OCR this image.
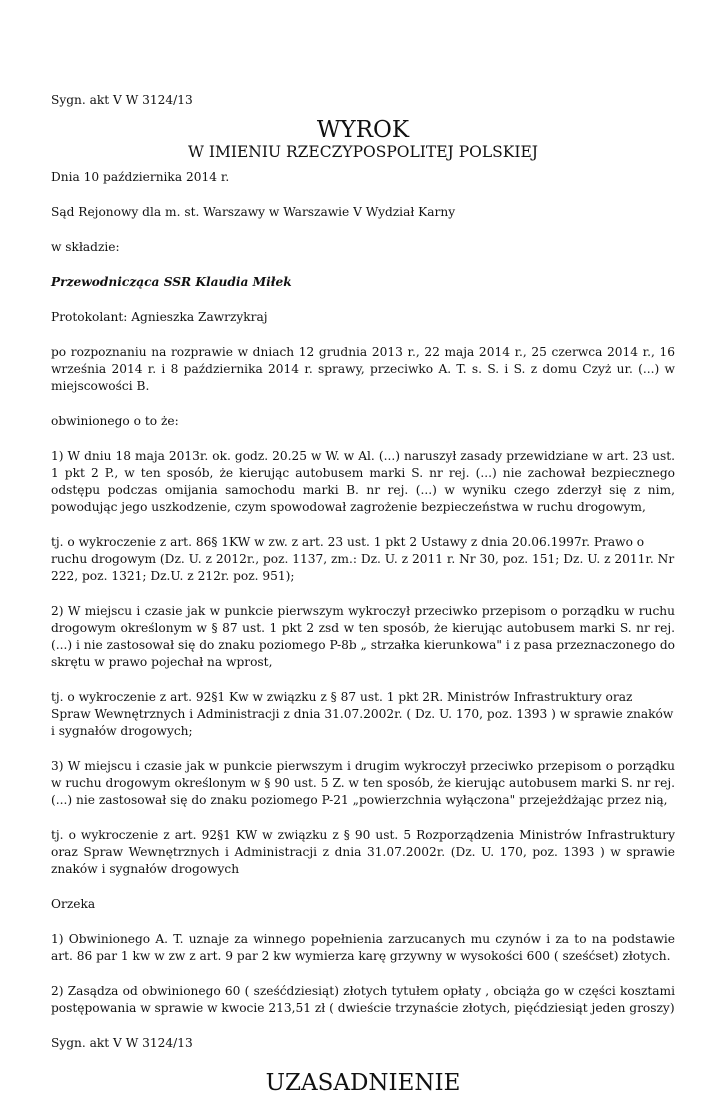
Sygn. akt V W 3124/13

WYROK
W IMIENIU RZECZYPOSPOLITEJ POLSKIEJ

Dnia 10 października 2014 r.

Sąd Rejonowy dla m. st. Warszawy w Warszawie V Wydział Karny

w składzie:

Przewodnicząca SSR Klaudia Miłek

Protokolant: Agnieszka Zawrzykraj

po rozpoznaniu na rozprawie w dniach 12 grudnia 2013 r., 22 maja 2014 r., 25 czerwca 2014 r., 16 września 2014 r. i 8 października 2014 r. sprawy, przeciwko A. T. s. S. i S. z domu Czyż ur. (...) w miejscowości B.

obwinionego o to że:

1) W dniu 18 maja 2013r. ok. godz. 20.25 w W. w Al. (...) naruszył zasady przewidziane w art. 23 ust. 1 pkt 2 P., w ten sposób, że kierując autobusem marki S. nr rej. (...) nie zachował bezpiecznego odstępu podczas omijania samochodu marki B. nr rej. (...) w wyniku czego zderzył się z nim, powodując jego uszkodzenie, czym spowodował zagrożenie bezpieczeństwa w ruchu drogowym,

tj. o wykroczenie z art. 86§ 1KW w zw. z art. 23 ust. 1 pkt 2 Ustawy z dnia 20.06.1997r. Prawo o ruchu drogowym (Dz. U. z 2012r., poz. 1137, zm.: Dz. U. z 2011 r. Nr 30, poz. 151; Dz. U. z 2011r. Nr 222, poz. 1321; Dz.U. z 212r. poz. 951);

2) W miejscu i czasie jak w punkcie pierwszym wykroczył przeciwko przepisom o porządku w ruchu drogowym określonym w § 87 ust. 1 pkt 2 zsd w ten sposób, że kierując autobusem marki S. nr rej. (...) i nie zastosował się do znaku poziomego P-8b „ strzałka kierunkowa" i z pasa przeznaczonego do skrętu w prawo pojechał na wprost,

tj. o wykroczenie z art. 92§1 Kw w związku z § 87 ust. 1 pkt 2R. Ministrów Infrastruktury oraz Spraw Wewnętrznych i Administracji z dnia 31.07.2002r. ( Dz. U. 170, poz. 1393 ) w sprawie znaków i sygnałów drogowych;

3) W miejscu i czasie jak w punkcie pierwszym i drugim wykroczył przeciwko przepisom o porządku w ruchu drogowym określonym w § 90 ust. 5 Z. w ten sposób, że kierując autobusem marki S. nr rej. (...) nie zastosował się do znaku poziomego P-21 „powierzchnia wyłączona" przejeżdżając przez nią,

tj. o wykroczenie z art. 92§1 KW w związku z § 90 ust. 5 Rozporządzenia Ministrów Infrastruktury oraz Spraw Wewnętrznych i Administracji z dnia 31.07.2002r. (Dz. U. 170, poz. 1393 ) w sprawie znaków i sygnałów drogowych

Orzeka

1) Obwinionego A. T. uznaje za winnego popełnienia zarzucanych mu czynów i za to na podstawie art. 86 par 1 kw w zw z art. 9 par 2 kw wymierza karę grzywny w wysokości 600 ( sześćset) złotych.

2) Zasądza od obwinionego 60 ( sześćdziesiąt) złotych tytułem opłaty , obciąża go w części kosztami postępowania w sprawie w kwocie 213,51 zł ( dwieście trzynaście złotych, pięćdziesiąt jeden groszy)

Sygn. akt V W 3124/13

UZASADNIENIE
